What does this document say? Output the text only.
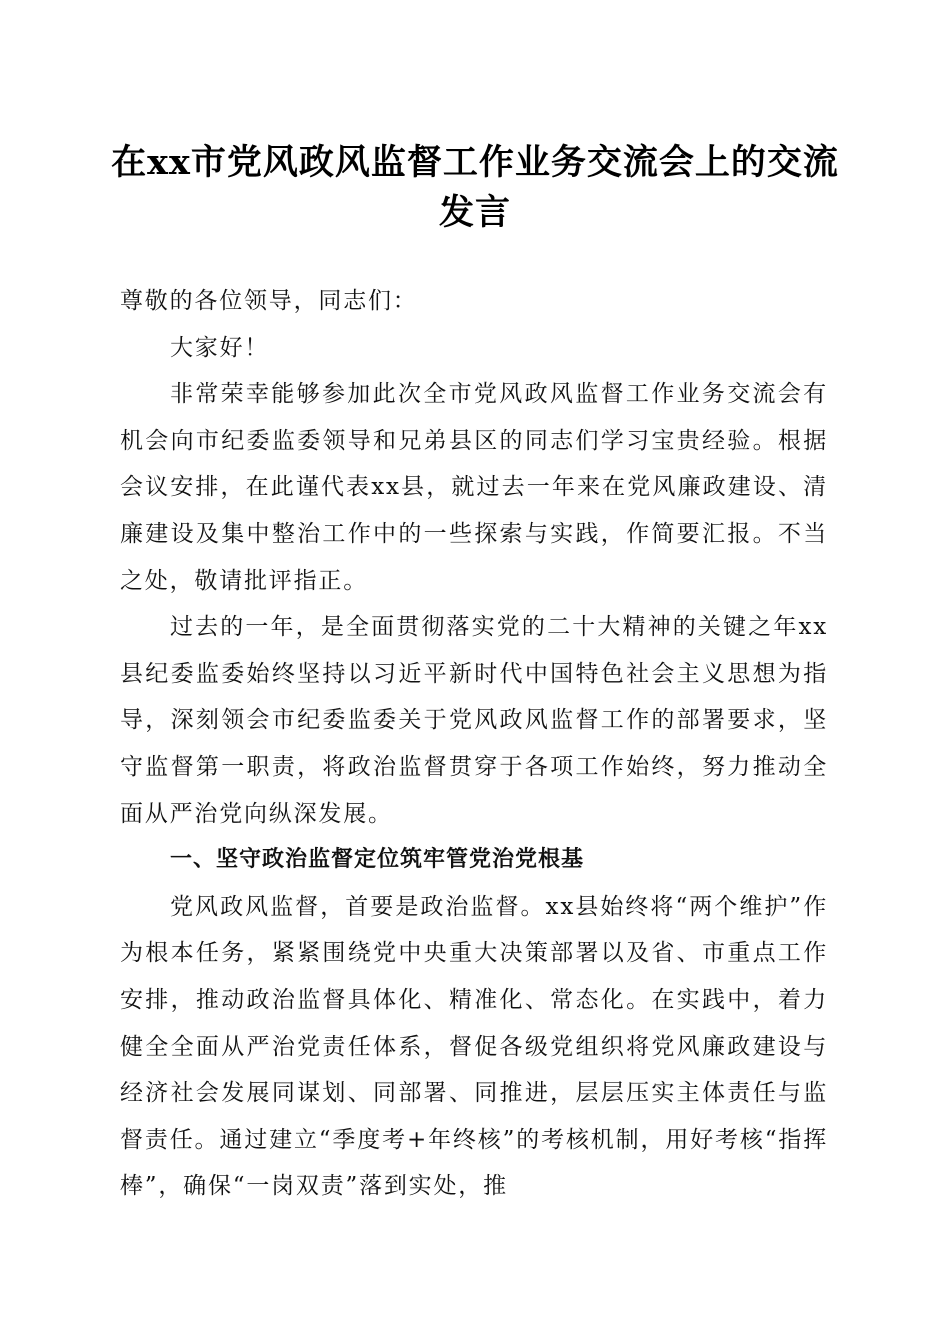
在xx市党风政风监督工作业务交流会上的交流发言

尊敬的各位领导，同志们：

大家好！

非常荣幸能够参加此次全市党风政风监督工作业务交流会有机会向市纪委监委领导和兄弟县区的同志们学习宝贵经验。根据会议安排，在此谨代表xx县，就过去一年来在党风廉政建设、清廉建设及集中整治工作中的一些探索与实践，作简要汇报。不当之处，敬请批评指正。

过去的一年，是全面贯彻落实党的二十大精神的关键之年xx县纪委监委始终坚持以习近平新时代中国特色社会主义思想为指导，深刻领会市纪委监委关于党风政风监督工作的部署要求，坚守监督第一职责，将政治监督贯穿于各项工作始终，努力推动全面从严治党向纵深发展。

一、坚守政治监督定位筑牢管党治党根基

党风政风监督，首要是政治监督。xx县始终将“两个维护”作为根本任务，紧紧围绕党中央重大决策部署以及省、市重点工作安排，推动政治监督具体化、精准化、常态化。在实践中，着力健全全面从严治党责任体系，督促各级党组织将党风廉政建设与经济社会发展同谋划、同部署、同推进，层层压实主体责任与监督责任。通过建立“季度考+年终核”的考核机制，用好考核“指挥棒”，确保“一岗双责”落到实处，推
